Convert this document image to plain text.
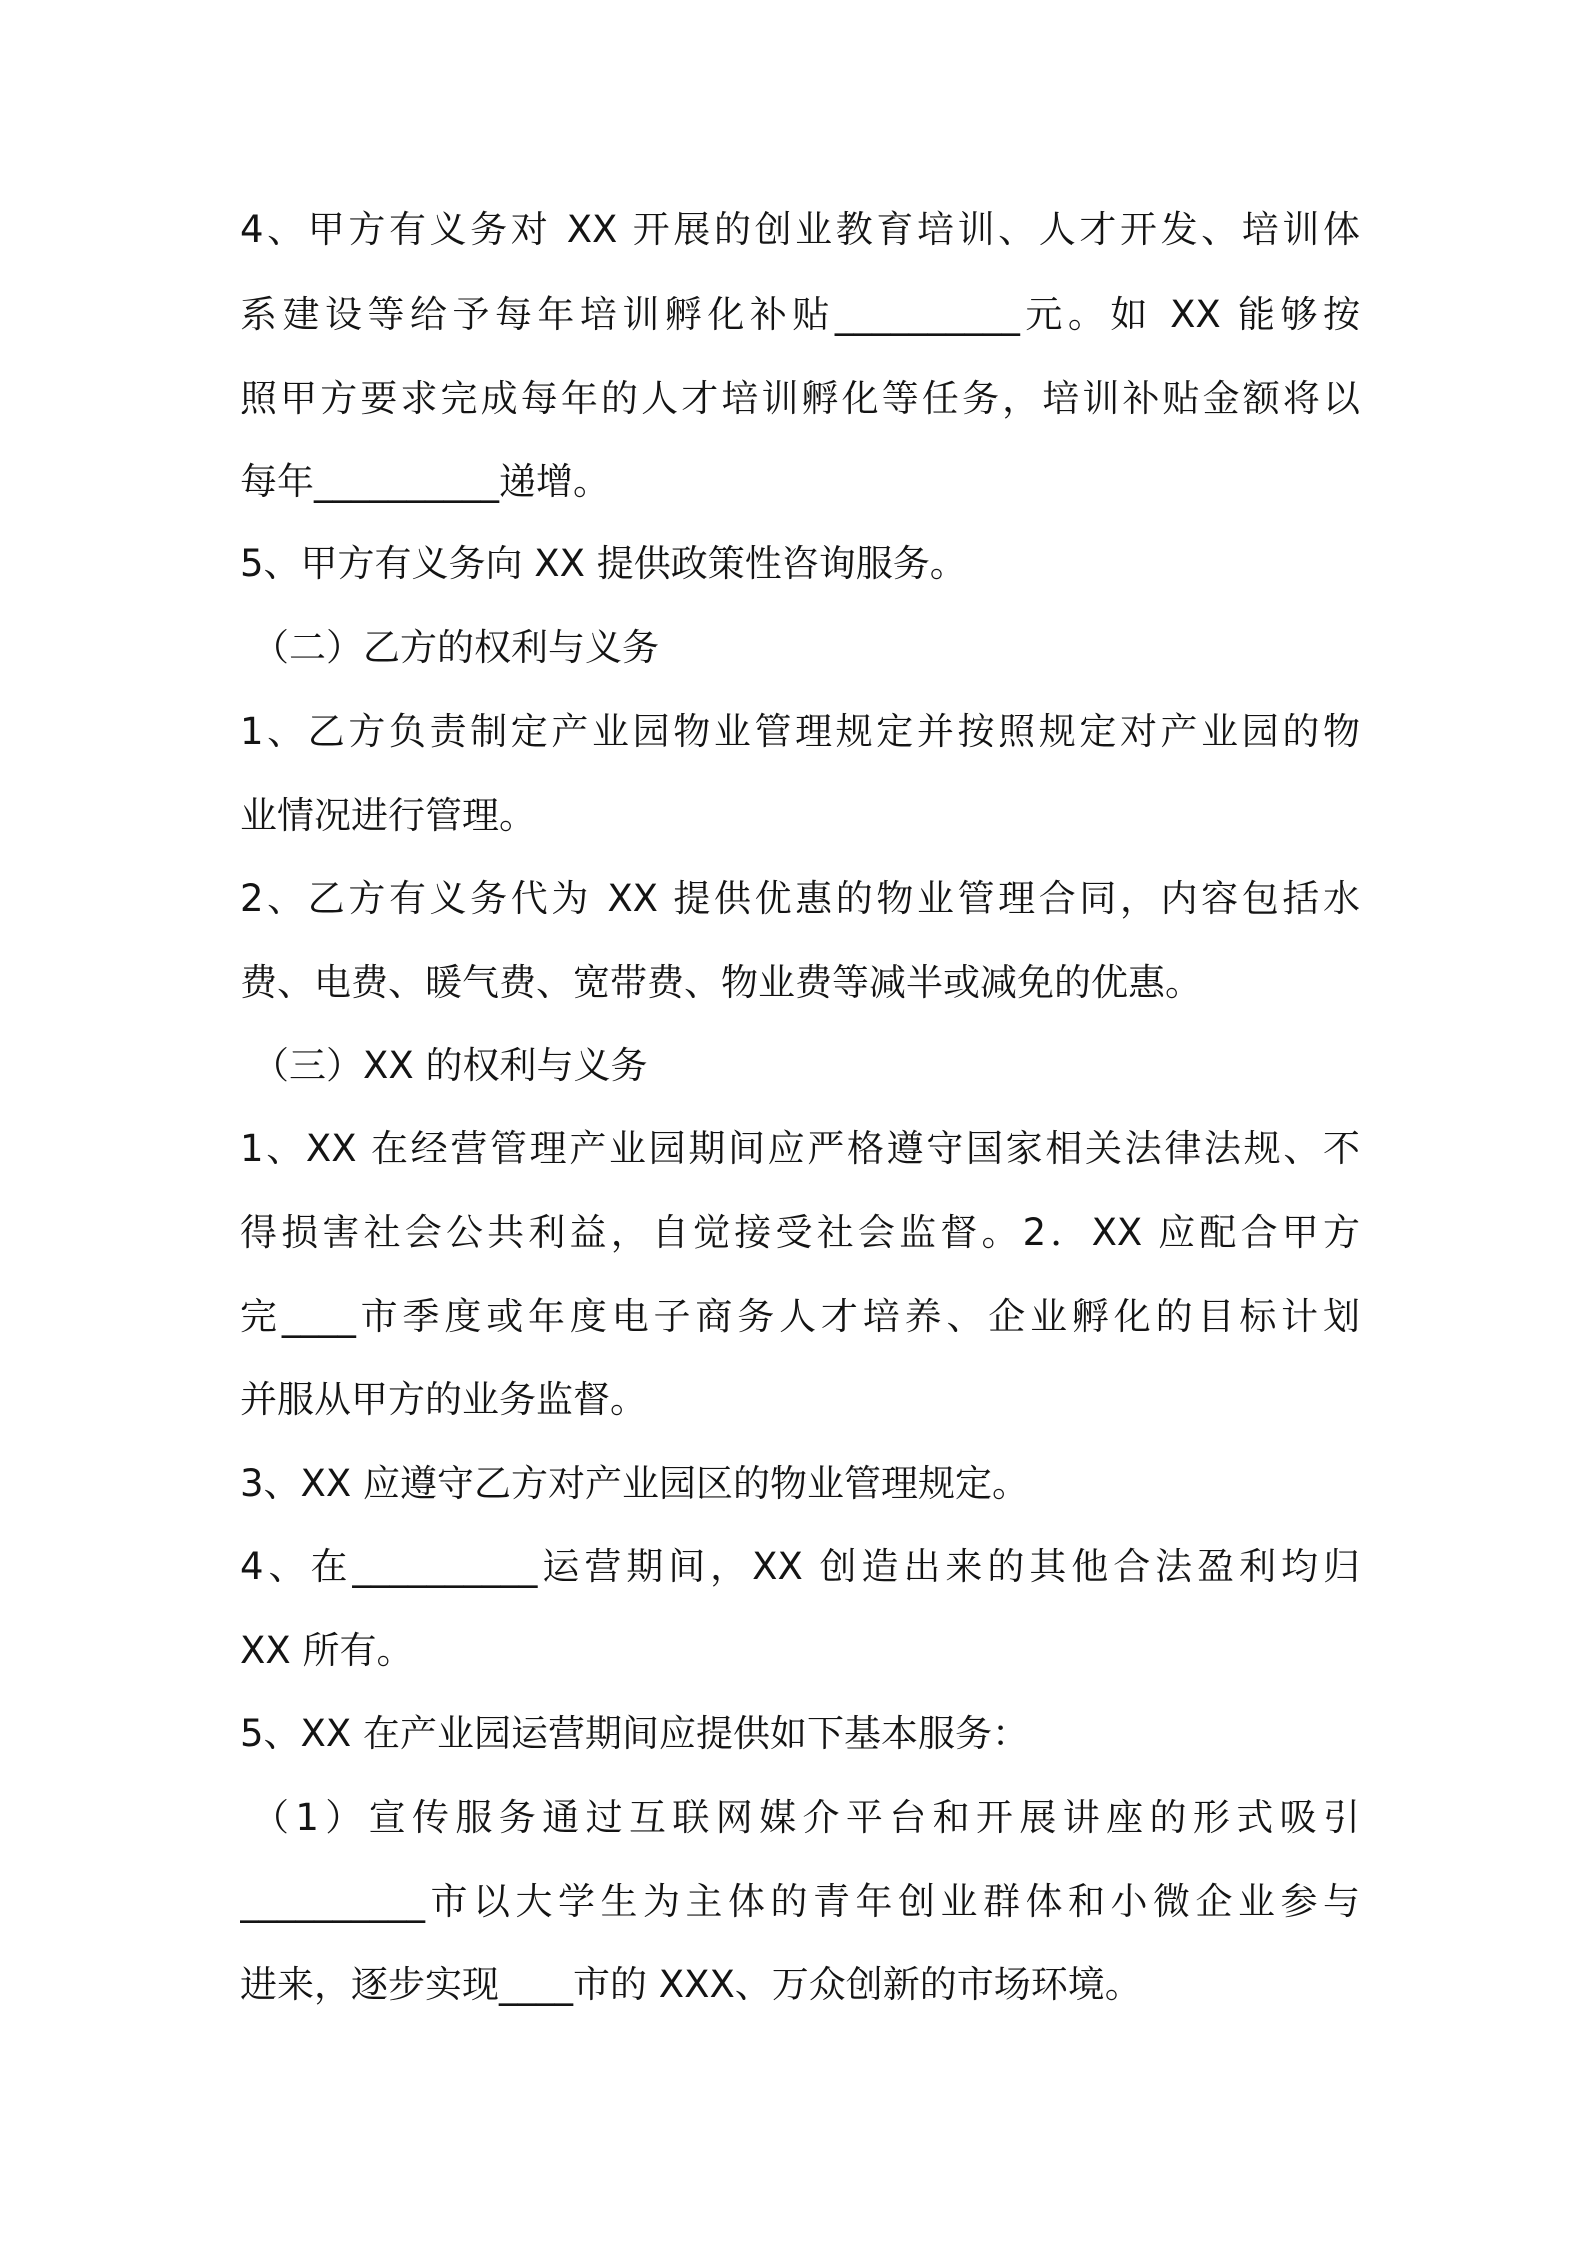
4、甲方有义务对 XX 开展的创业教育培训、人才开发、培训体

系建设等给予每年培训孵化补贴__________元。如 XX 能够按

照甲方要求完成每年的人才培训孵化等任务，培训补贴金额将以

每年__________递增。

5、甲方有义务向 XX 提供政策性咨询服务。

（二）乙方的权利与义务

1、乙方负责制定产业园物业管理规定并按照规定对产业园的物

业情况进行管理。

2、乙方有义务代为 XX 提供优惠的物业管理合同，内容包括水

费、电费、暖气费、宽带费、物业费等减半或减免的优惠。

（三）XX 的权利与义务

1、XX 在经营管理产业园期间应严格遵守国家相关法律法规、不

得损害社会公共利益，自觉接受社会监督。2．XX 应配合甲方

完____市季度或年度电子商务人才培养、企业孵化的目标计划

并服从甲方的业务监督。

3、XX 应遵守乙方对产业园区的物业管理规定。

4、在__________运营期间，XX 创造出来的其他合法盈利均归

XX 所有。

5、XX 在产业园运营期间应提供如下基本服务：

（1）宣传服务通过互联网媒介平台和开展讲座的形式吸引

__________市以大学生为主体的青年创业群体和小微企业参与

进来，逐步实现____市的 XXX、万众创新的市场环境。
